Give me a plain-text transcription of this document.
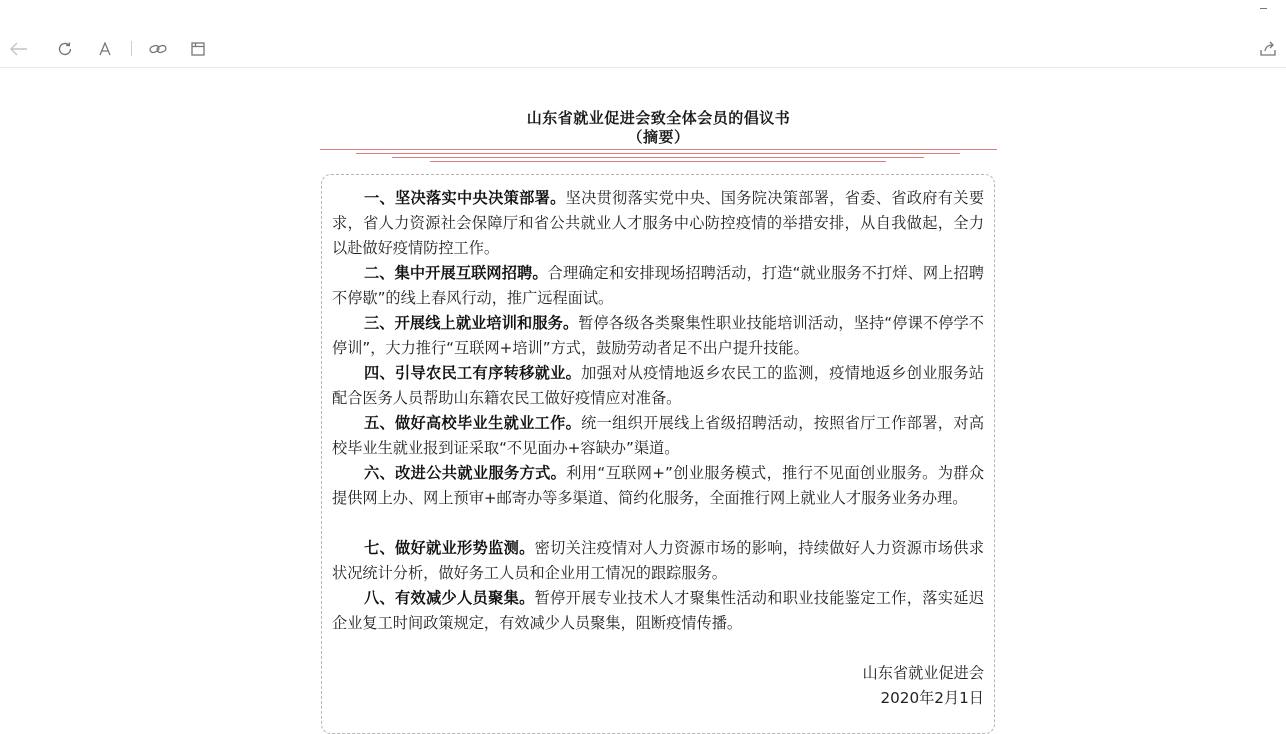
山东省就业促进会致全体会员的倡议书
（摘要）

一、坚决落实中央决策部署。坚决贯彻落实党中央、国务院决策部署，省委、省政府有关要求，省人力资源社会保障厅和省公共就业人才服务中心防控疫情的举措安排，从自我做起，全力以赴做好疫情防控工作。

二、集中开展互联网招聘。合理确定和安排现场招聘活动，打造“就业服务不打烊、网上招聘不停歇”的线上春风行动，推广远程面试。

三、开展线上就业培训和服务。暂停各级各类聚集性职业技能培训活动，坚持“停课不停学不停训”，大力推行“互联网+培训”方式，鼓励劳动者足不出户提升技能。

四、引导农民工有序转移就业。加强对从疫情地返乡农民工的监测，疫情地返乡创业服务站配合医务人员帮助山东籍农民工做好疫情应对准备。

五、做好高校毕业生就业工作。统一组织开展线上省级招聘活动，按照省厅工作部署，对高校毕业生就业报到证采取“不见面办+容缺办”渠道。

六、改进公共就业服务方式。利用“互联网+”创业服务模式，推行不见面创业服务。为群众提供网上办、网上预审+邮寄办等多渠道、简约化服务，全面推行网上就业人才服务业务办理。

七、做好就业形势监测。密切关注疫情对人力资源市场的影响，持续做好人力资源市场供求状况统计分析，做好务工人员和企业用工情况的跟踪服务。

八、有效减少人员聚集。暂停开展专业技术人才聚集性活动和职业技能鉴定工作，落实延迟企业复工时间政策规定，有效减少人员聚集，阻断疫情传播。

山东省就业促进会
2020年2月1日
